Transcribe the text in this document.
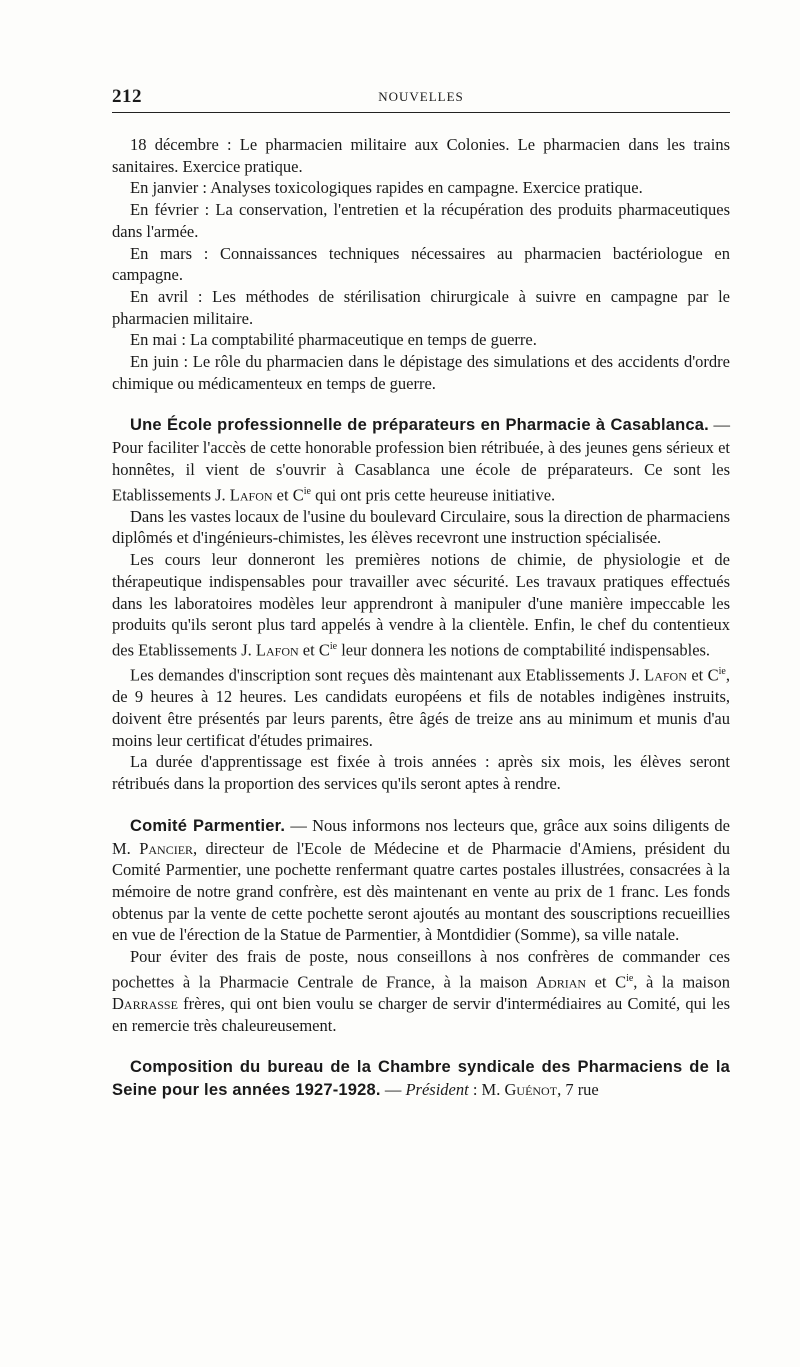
212	NOUVELLES

18 décembre : Le pharmacien militaire aux Colonies. Le pharmacien dans les trains sanitaires. Exercice pratique.

En janvier : Analyses toxicologiques rapides en campagne. Exercice pratique.

En février : La conservation, l'entretien et la récupération des produits pharmaceutiques dans l'armée.

En mars : Connaissances techniques nécessaires au pharmacien bactériologue en campagne.

En avril : Les méthodes de stérilisation chirurgicale à suivre en campagne par le pharmacien militaire.

En mai : La comptabilité pharmaceutique en temps de guerre.

En juin : Le rôle du pharmacien dans le dépistage des simulations et des accidents d'ordre chimique ou médicamenteux en temps de guerre.

Une École professionnelle de préparateurs en Pharmacie à Casablanca. — Pour faciliter l'accès de cette honorable profession bien rétribuée, à des jeunes gens sérieux et honnêtes, il vient de s'ouvrir à Casablanca une école de préparateurs. Ce sont les Etablissements J. Lafon et $C^{ie}$ qui ont pris cette heureuse initiative.

Dans les vastes locaux de l'usine du boulevard Circulaire, sous la direction de pharmaciens diplômés et d'ingénieurs-chimistes, les élèves recevront une instruction spécialisée.

Les cours leur donneront les premières notions de chimie, de physiologie et de thérapeutique indispensables pour travailler avec sécurité. Les travaux pratiques effectués dans les laboratoires modèles leur apprendront à manipuler d'une manière impeccable les produits qu'ils seront plus tard appelés à vendre à la clientèle. Enfin, le chef du contentieux des Etablissements J. Lafon et $C^{ie}$ leur donnera les notions de comptabilité indispensables.

Les demandes d'inscription sont reçues dès maintenant aux Etablissements J. Lafon et $C^{ie}$, de 9 heures à 12 heures. Les candidats européens et fils de notables indigènes instruits, doivent être présentés par leurs parents, être âgés de treize ans au minimum et munis d'au moins leur certificat d'études primaires.

La durée d'apprentissage est fixée à trois années : après six mois, les élèves seront rétribués dans la proportion des services qu'ils seront aptes à rendre.

Comité Parmentier. — Nous informons nos lecteurs que, grâce aux soins diligents de M. Pancier, directeur de l'Ecole de Médecine et de Pharmacie d'Amiens, président du Comité Parmentier, une pochette renfermant quatre cartes postales illustrées, consacrées à la mémoire de notre grand confrère, est dès maintenant en vente au prix de 1 franc. Les fonds obtenus par la vente de cette pochette seront ajoutés au montant des souscriptions recueillies en vue de l'érection de la Statue de Parmentier, à Montdidier (Somme), sa ville natale.

Pour éviter des frais de poste, nous conseillons à nos confrères de commander ces pochettes à la Pharmacie Centrale de France, à la maison Adrian et $C^{ie}$, à la maison Darrasse frères, qui ont bien voulu se charger de servir d'intermédiaires au Comité, qui les en remercie très chaleureusement.

Composition du bureau de la Chambre syndicale des Pharmaciens de la Seine pour les années 1927-1928. — Président : M. Guénot, 7 rue
